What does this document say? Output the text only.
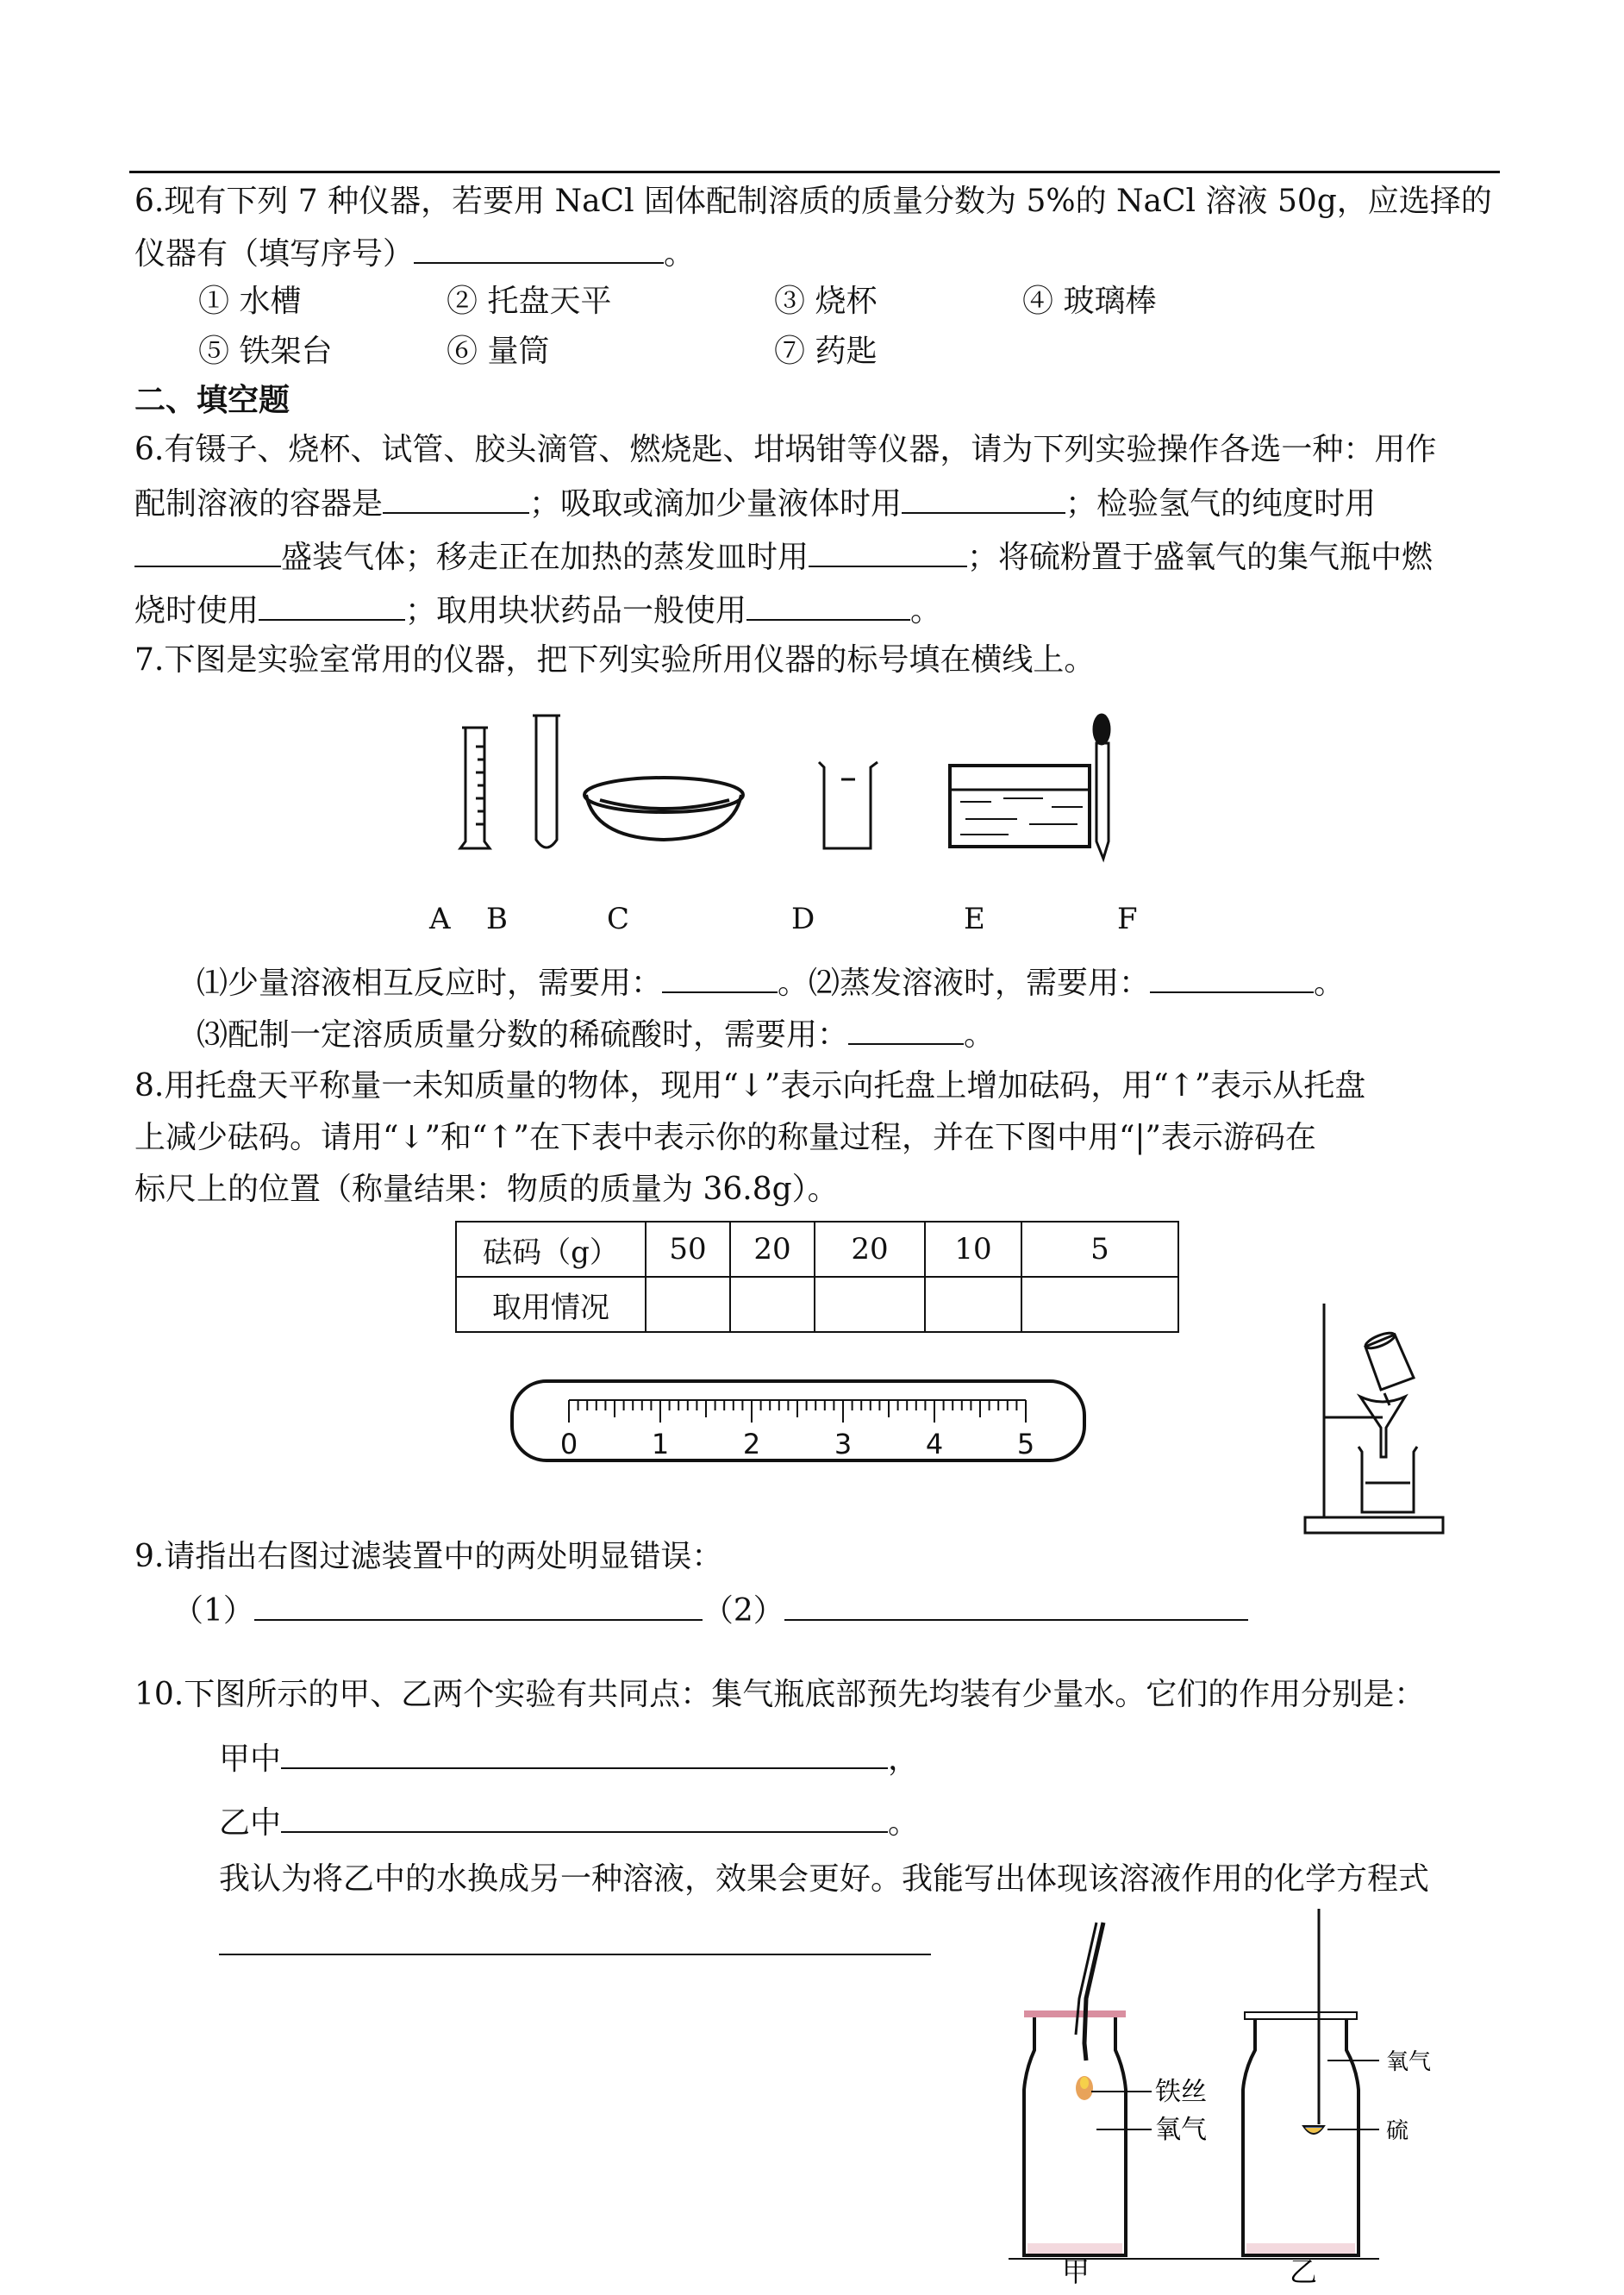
6.现有下列 7 种仪器，若要用 NaCl 固体配制溶质的质量分数为 5%的 NaCl 溶液 50g，应选择的
仪器有（填写序号）	。
① 水槽	② 托盘天平	③ 烧杯	④ 玻璃棒
⑤ 铁架台	⑥ 量筒	⑦ 药匙
二、填空题
6.有镊子、烧杯、试管、胶头滴管、燃烧匙、坩埚钳等仪器，请为下列实验操作各选一种：用作
配制溶液的容器是	；吸取或滴加少量液体时用	；检验氢气的纯度时用
盛装气体；移走正在加热的蒸发皿时用	；将硫粉置于盛氧气的集气瓶中燃
烧时使用	；取用块状药品一般使用	。
7.下图是实验室常用的仪器，把下列实验所用仪器的标号填在横线上。
A B	C	D	E	F
⑴少量溶液相互反应时，需要用：	。⑵蒸发溶液时，需要用：	。
⑶配制一定溶质质量分数的稀硫酸时，需要用：	。
8.用托盘天平称量一未知质量的物体，现用“↓”表示向托盘上增加砝码，用“↑”表示从托盘
上减少砝码。请用“↓”和“↑”在下表中表示你的称量过程，并在下图中用“|”表示游码在
标尺上的位置（称量结果：物质的质量为 36.8g）。
砝码（g）	50	20	20	10	5
取用情况					
0	1	2	3	4	5
9.请指出右图过滤装置中的两处明显错误：
（1）	（2）
10.下图所示的甲、乙两个实验有共同点：集气瓶底部预先均装有少量水。它们的作用分别是：
甲中	，
乙中	。
我认为将乙中的水换成另一种溶液，效果会更好。我能写出体现该溶液作用的化学方程式
铁丝
氧气
氧气
硫
甲	乙
